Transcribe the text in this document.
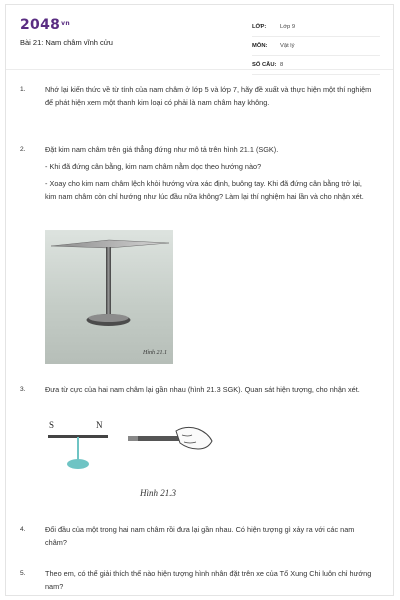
$2048^{vn}$
Bài 21: Nam châm vĩnh cửu
LỚP:	Lớp 9
MÔN:	Vật lý
SỐ CÂU: 8
1.	Nhớ lại kiến thức về từ tính của nam châm ở lớp 5 và lớp 7, hãy đề xuất và thực hiện một thí nghiệm để phát hiện xem một thanh kim loại có phải là nam châm hay không.

2.	Đặt kim nam châm trên giá thẳng đứng như mô tả trên hình 21.1 (SGK).

- Khi đã đứng cân bằng, kim nam châm nằm dọc theo hướng nào?

- Xoay cho kim nam châm lệch khỏi hướng vừa xác định, buông tay. Khi đã đứng cân bằng trở lại, kim nam châm còn chỉ hướng như lúc đầu nữa không? Làm lại thí nghiệm hai lần và cho nhận xét.

Hình 21.1
3.	Đưa từ cực của hai nam châm lại gần nhau (hình 21.3 SGK). Quan sát hiện tượng, cho nhận xét.

S	N
Hình 21.3
4.	Đổi đầu của một trong hai nam châm rồi đưa lại gần nhau. Có hiện tượng gì xảy ra với các nam châm?

5.	Theo em, có thể giải thích thế nào hiện tượng hình nhân đặt trên xe của Tổ Xung Chi luôn chỉ hướng nam?
